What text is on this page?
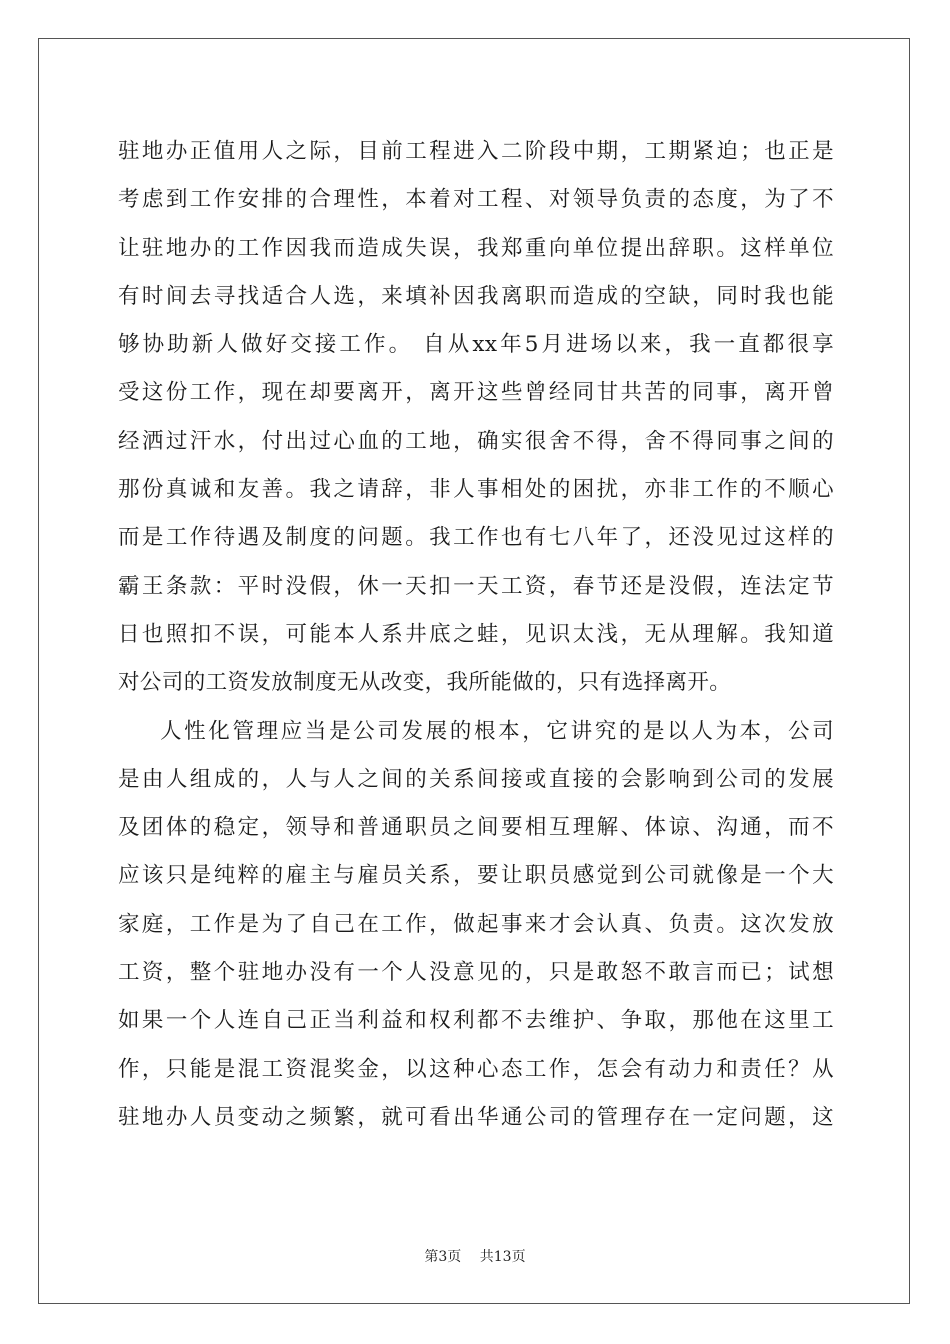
驻地办正值用人之际，目前工程进入二阶段中期，工期紧迫；也正是
考虑到工作安排的合理性，本着对工程、对领导负责的态度，为了不
让驻地办的工作因我而造成失误，我郑重向单位提出辞职。这样单位
有时间去寻找适合人选，来填补因我离职而造成的空缺，同时我也能
够协助新人做好交接工作。 自从xx年5月进场以来，我一直都很享
受这份工作，现在却要离开，离开这些曾经同甘共苦的同事，离开曾
经洒过汗水，付出过心血的工地，确实很舍不得，舍不得同事之间的
那份真诚和友善。我之请辞，非人事相处的困扰，亦非工作的不顺心
而是工作待遇及制度的问题。我工作也有七八年了，还没见过这样的
霸王条款：平时没假，休一天扣一天工资，春节还是没假，连法定节
日也照扣不误，可能本人系井底之蛙，见识太浅，无从理解。我知道
对公司的工资发放制度无从改变，我所能做的，只有选择离开。
人性化管理应当是公司发展的根本，它讲究的是以人为本，公司
是由人组成的，人与人之间的关系间接或直接的会影响到公司的发展
及团体的稳定，领导和普通职员之间要相互理解、体谅、沟通，而不
应该只是纯粹的雇主与雇员关系，要让职员感觉到公司就像是一个大
家庭，工作是为了自己在工作，做起事来才会认真、负责。这次发放
工资，整个驻地办没有一个人没意见的，只是敢怒不敢言而已；试想
如果一个人连自己正当利益和权利都不去维护、争取，那他在这里工
作，只能是混工资混奖金，以这种心态工作，怎会有动力和责任？从
驻地办人员变动之频繁，就可看出华通公司的管理存在一定问题，这
第3页 共13页
